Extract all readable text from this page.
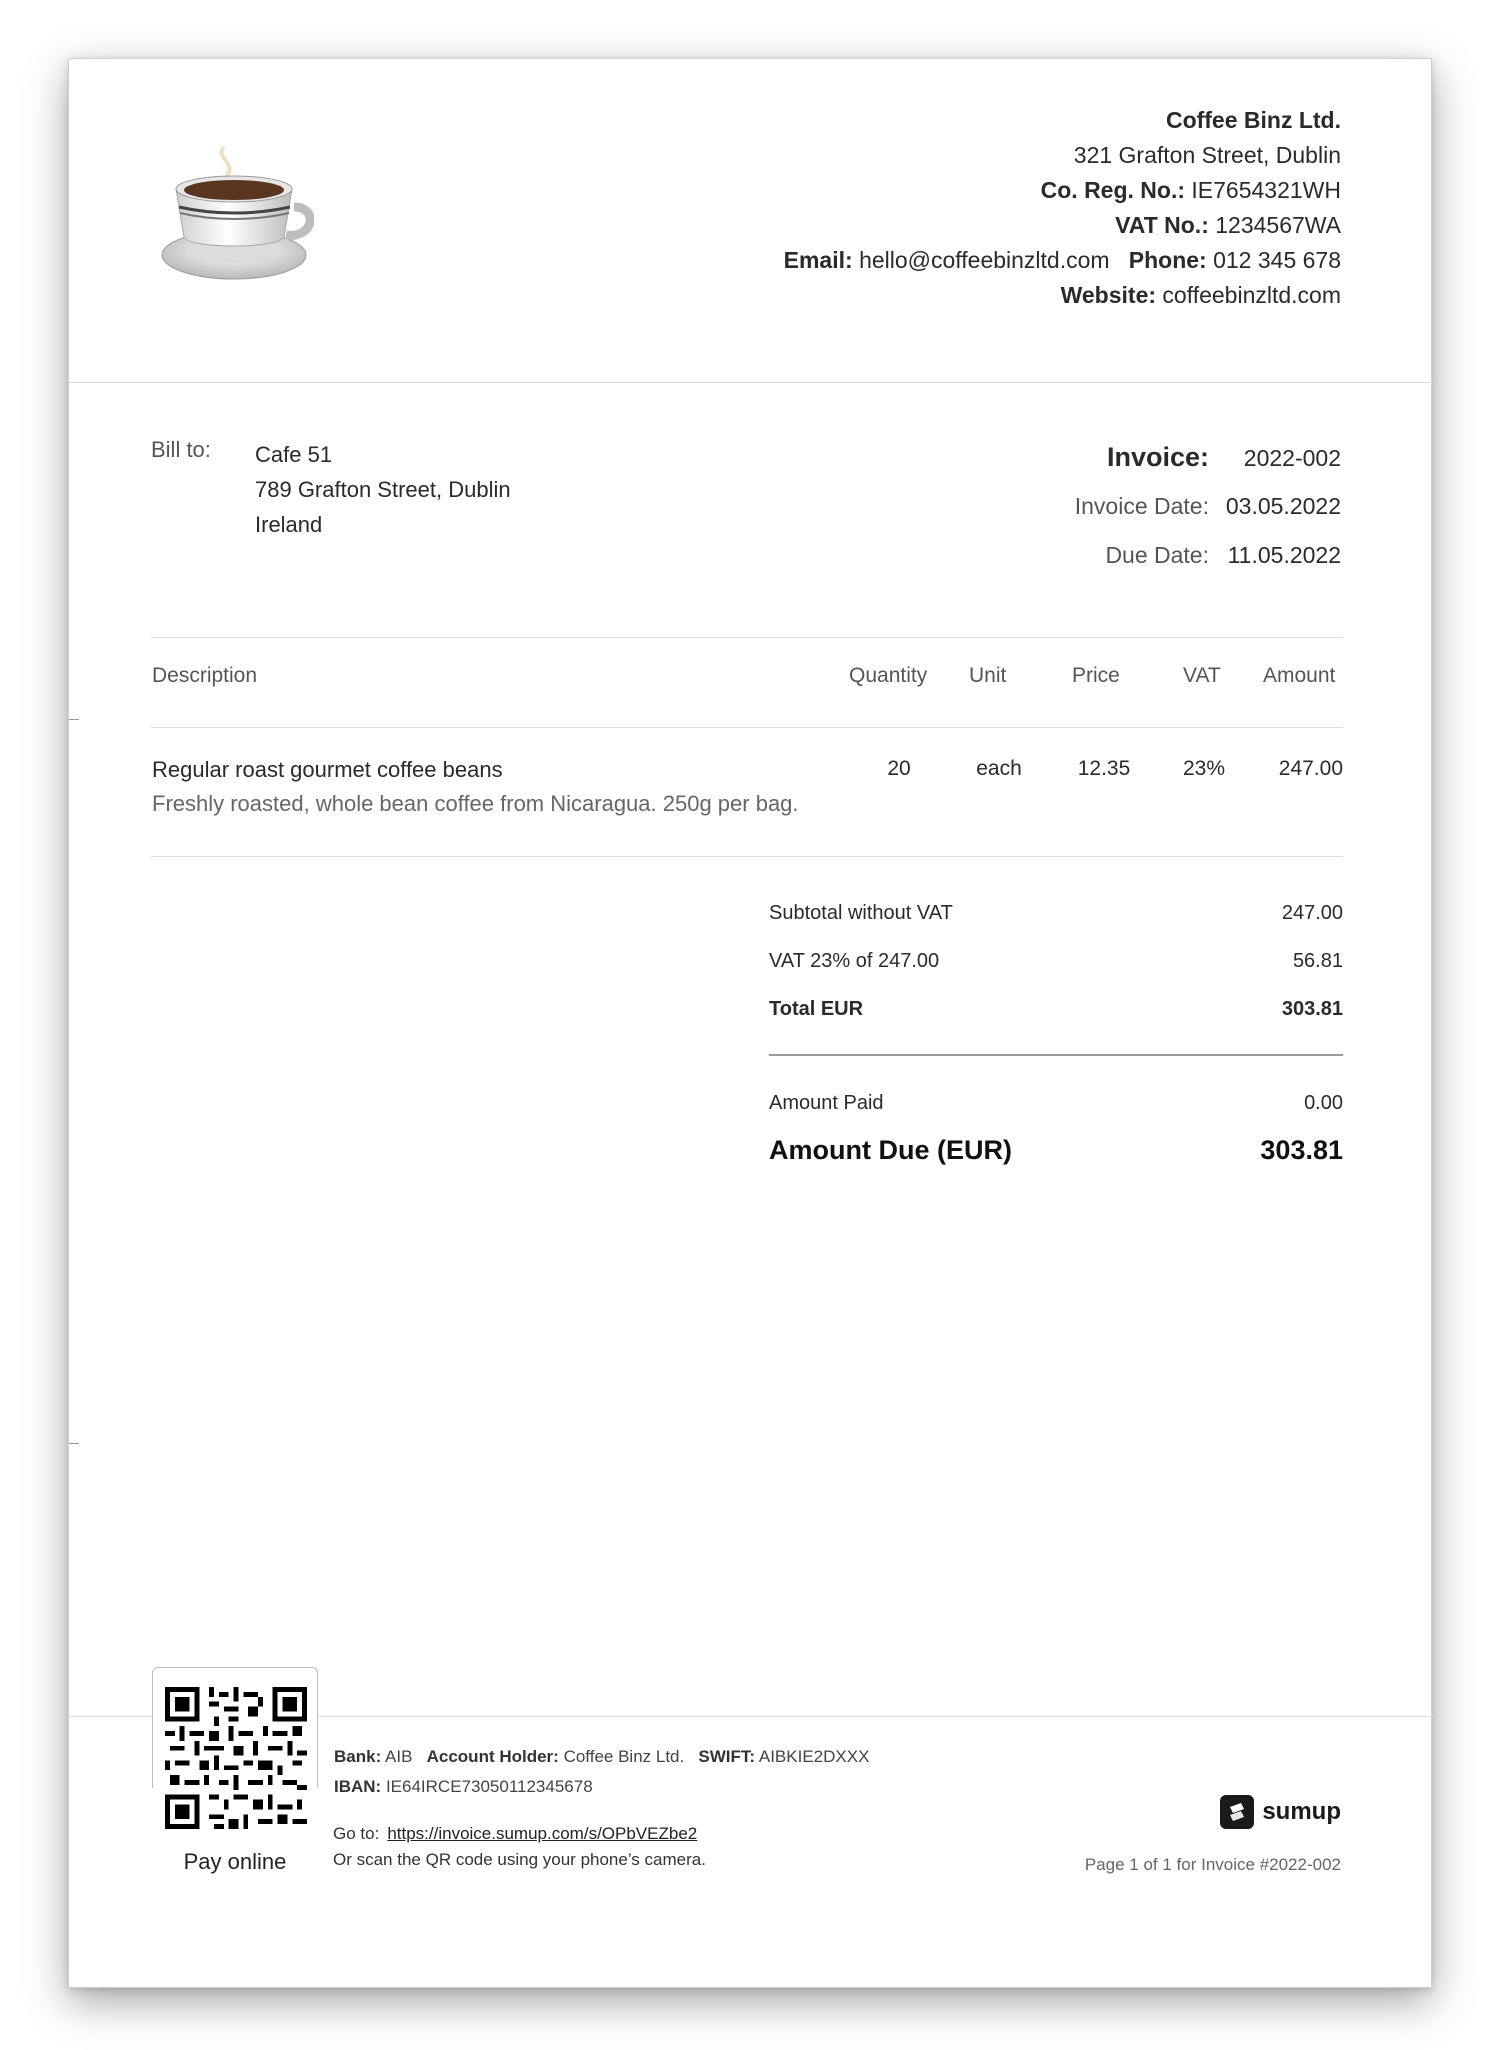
Coffee Binz Ltd.
321 Grafton Street, Dublin
Co. Reg. No.: IE7654321WH
VAT No.: 1234567WA
Email: hello@coffeebinzltd.com Phone: 012 345 678
Website: coffeebinzltd.com
Bill to: Cafe 51
789 Grafton Street, Dublin
Ireland
Invoice:	2022-002
Invoice Date: 03.05.2022
Due Date: 11.05.2022
Description	Quantity Unit	Price	VAT Amount
Regular roast gourmet coffee beans
Freshly roasted, whole bean coffee from Nicaragua. 250g per bag.
20	each	12.35	23%	247.00
Subtotal without VAT	247.00
VAT 23% of 247.00	56.81
Total EUR	303.81
Amount Paid	0.00
Amount Due (EUR)	303.81
Pay online
Bank: AIB Account Holder: Coffee Binz Ltd. SWIFT: AIBKIE2DXXX
IBAN: IE64IRCE73050112345678
Go to: https://invoice.sumup.com/s/OPbVEZbe2
Or scan the QR code using your phone’s camera.
sumup
Page 1 of 1 for Invoice #2022-002
